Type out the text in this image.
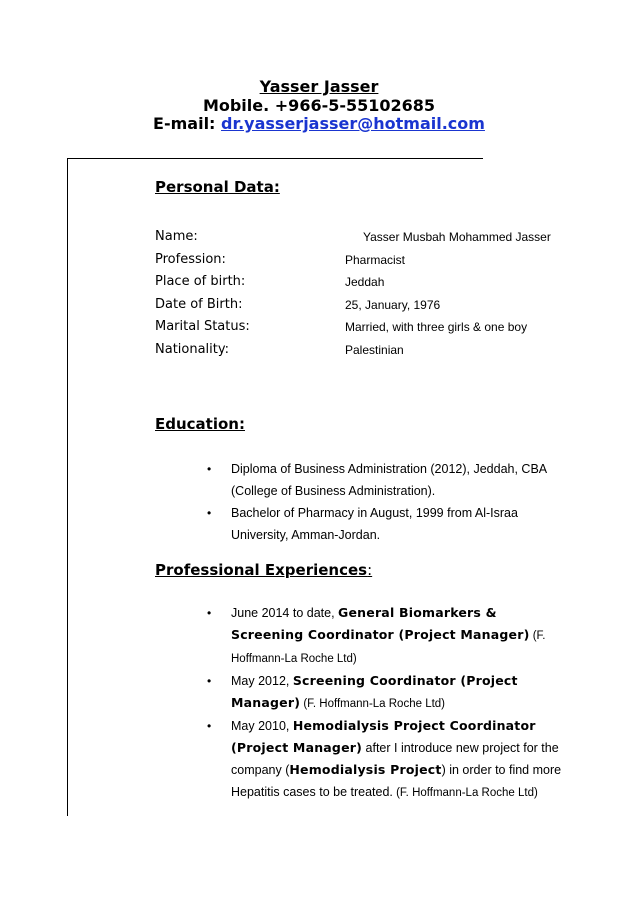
Yasser Jasser
Mobile. +966-5-55102685
E-mail: dr.yasserjasser@hotmail.com
Personal Data:
Name:	Yasser Musbah Mohammed Jasser
Profession:	Pharmacist
Place of birth:	Jeddah
Date of Birth:	25, January, 1976
Marital Status:	Married, with three girls & one boy
Nationality:	Palestinian
Education:
• Diploma of Business Administration (2012), Jeddah, CBA (College of Business Administration).
• Bachelor of Pharmacy in August, 1999 from Al-Israa University, Amman-Jordan.
Professional Experiences:
• June 2014 to date, General Biomarkers & Screening Coordinator (Project Manager) (F. Hoffmann-La Roche Ltd)
• May 2012, Screening Coordinator (Project Manager) (F. Hoffmann-La Roche Ltd)
• May 2010, Hemodialysis Project Coordinator (Project Manager) after I introduce new project for the company (Hemodialysis Project) in order to find more Hepatitis cases to be treated. (F. Hoffmann-La Roche Ltd)
